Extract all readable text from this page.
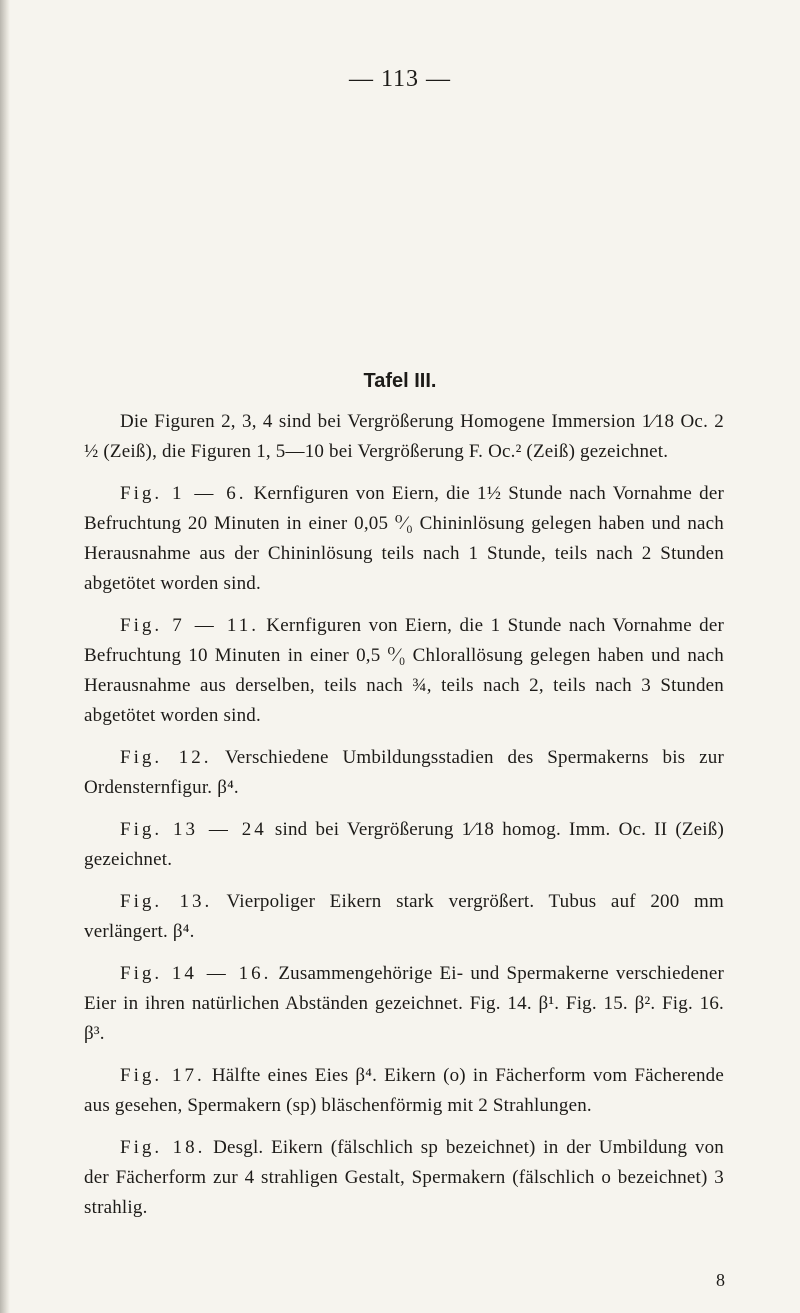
— 113 —
Tafel III.

Die Figuren 2, 3, 4 sind bei Vergrößerung Homogene Immersion 1⁄18 Oc. 2 ½ (Zeiß), die Figuren 1, 5—10 bei Vergrößerung F. Oc.² (Zeiß) gezeichnet.

Fig. 1 — 6. Kernfiguren von Eiern, die 1½ Stunde nach Vornahme der Befruchtung 20 Minuten in einer 0,05 ⁰⁄₀ Chininlösung gelegen haben und nach Herausnahme aus der Chininlösung teils nach 1 Stunde, teils nach 2 Stunden abgetötet worden sind.

Fig. 7 — 11. Kernfiguren von Eiern, die 1 Stunde nach Vornahme der Befruchtung 10 Minuten in einer 0,5 ⁰⁄₀ Chlorallösung gelegen haben und nach Herausnahme aus derselben, teils nach ¾, teils nach 2, teils nach 3 Stunden abgetötet worden sind.

Fig. 12. Verschiedene Umbildungsstadien des Spermakerns bis zur Ordensternfigur. β⁴.

Fig. 13 — 24 sind bei Vergrößerung 1⁄18 homog. Imm. Oc. II (Zeiß) gezeichnet.

Fig. 13. Vierpoliger Eikern stark vergrößert. Tubus auf 200 mm verlängert. β⁴.

Fig. 14 — 16. Zusammengehörige Ei- und Spermakerne verschiedener Eier in ihren natürlichen Abständen gezeichnet. Fig. 14. β¹. Fig. 15. β². Fig. 16. β³.

Fig. 17. Hälfte eines Eies β⁴. Eikern (o) in Fächerform vom Fächerende aus gesehen, Spermakern (sp) bläschenförmig mit 2 Strahlungen.

Fig. 18. Desgl. Eikern (fälschlich sp bezeichnet) in der Umbildung von der Fächerform zur 4 strahligen Gestalt, Spermakern (fälschlich o bezeichnet) 3 strahlig.

8
